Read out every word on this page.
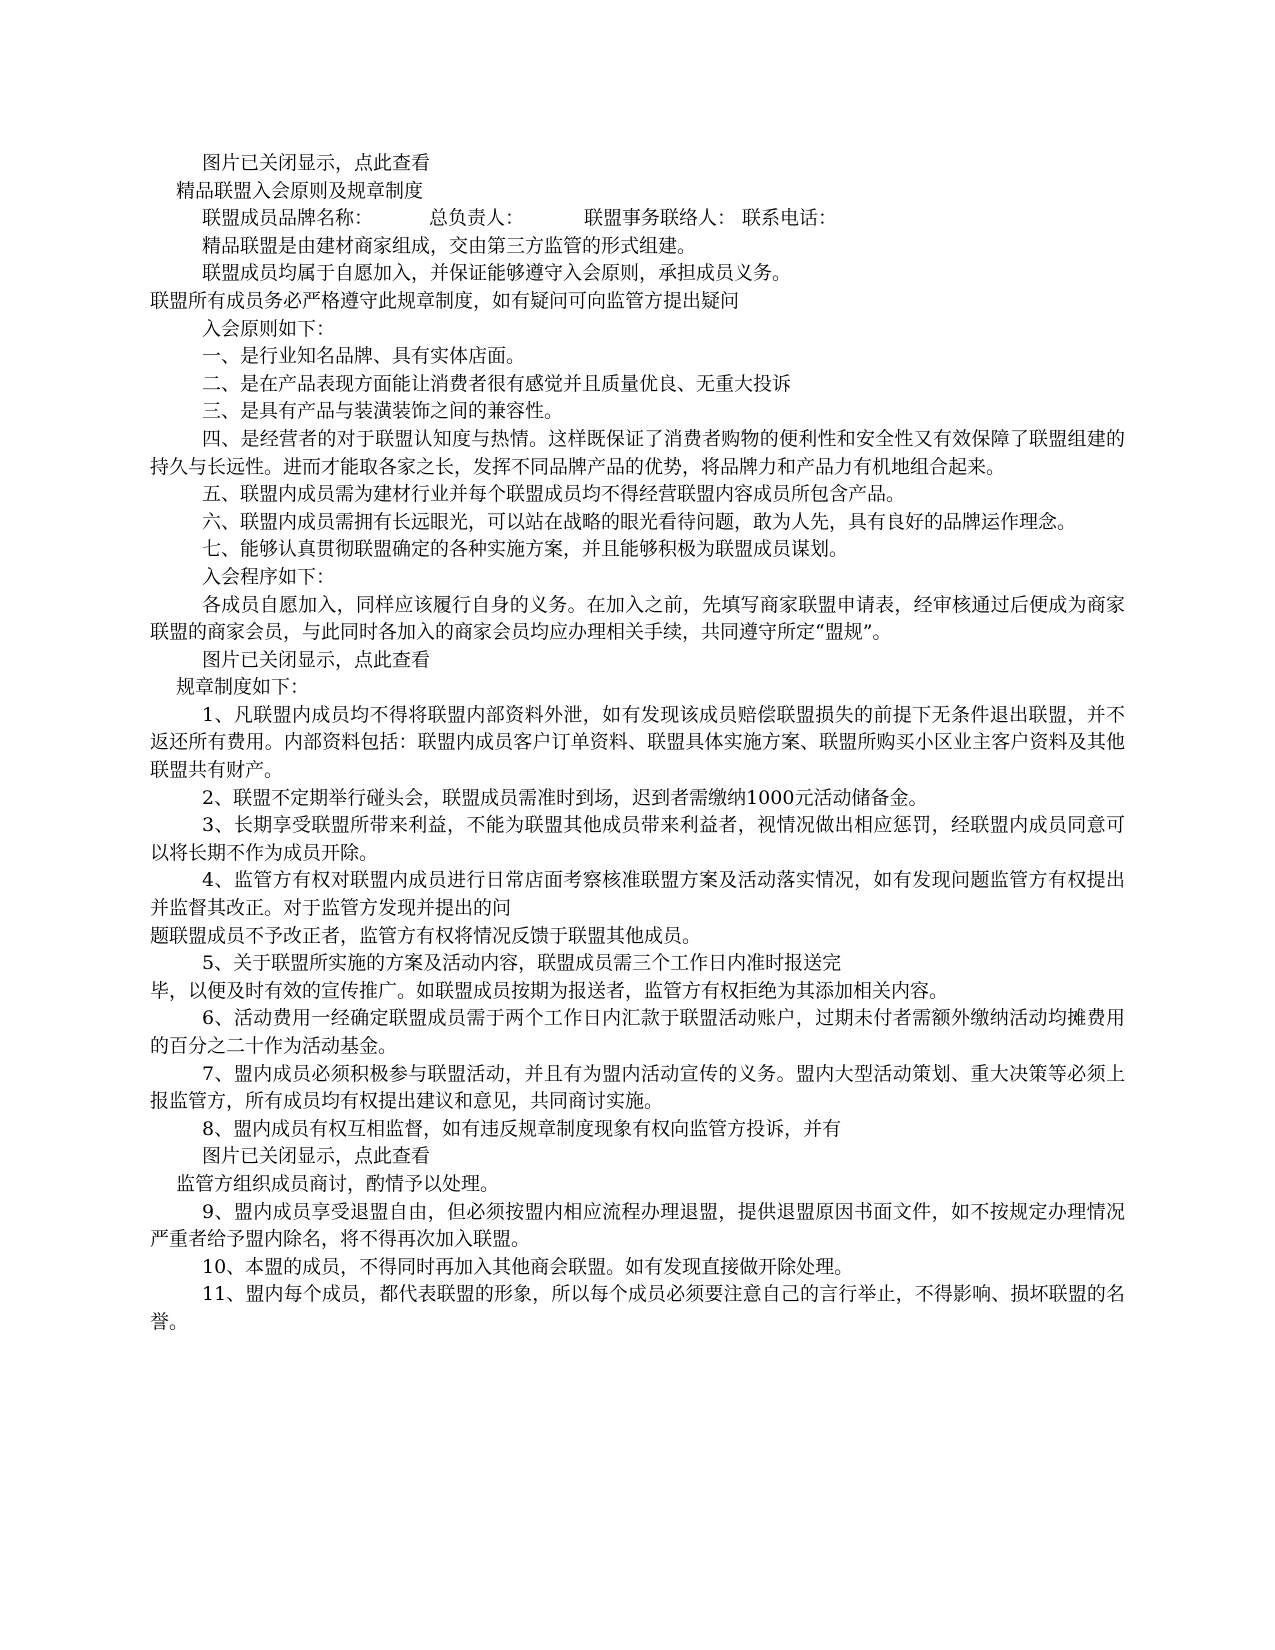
图片已关闭显示，点此查看
精品联盟入会原则及规章制度
联盟成员品牌名称：	总负责人：	联盟事务联络人： 联系电话：
精品联盟是由建材商家组成，交由第三方监管的形式组建。
联盟成员均属于自愿加入，并保证能够遵守入会原则，承担成员义务。
联盟所有成员务必严格遵守此规章制度，如有疑问可向监管方提出疑问
入会原则如下：
一、是行业知名品牌、具有实体店面。
二、是在产品表现方面能让消费者很有感觉并且质量优良、无重大投诉
三、是具有产品与装潢装饰之间的兼容性。

四、是经营者的对于联盟认知度与热情。这样既保证了消费者购物的便利性和安全性又有效保障了联盟组建的持久与长远性。进而才能取各家之长，发挥不同品牌产品的优势，将品牌力和产品力有机地组合起来。

五、联盟内成员需为建材行业并每个联盟成员均不得经营联盟内容成员所包含产品。

六、联盟内成员需拥有长远眼光，可以站在战略的眼光看待问题，敢为人先，具有良好的品牌运作理念。

七、能够认真贯彻联盟确定的各种实施方案，并且能够积极为联盟成员谋划。
入会程序如下：

各成员自愿加入，同样应该履行自身的义务。在加入之前，先填写商家联盟申请表，经审核通过后便成为商家联盟的商家会员，与此同时各加入的商家会员均应办理相关手续，共同遵守所定“盟规”。

图片已关闭显示，点此查看
规章制度如下：

1、凡联盟内成员均不得将联盟内部资料外泄，如有发现该成员赔偿联盟损失的前提下无条件退出联盟，并不返还所有费用。内部资料包括：联盟内成员客户订单资料、联盟具体实施方案、联盟所购买小区业主客户资料及其他联盟共有财产。

2、联盟不定期举行碰头会，联盟成员需准时到场，迟到者需缴纳1000元活动储备金。

3、长期享受联盟所带来利益，不能为联盟其他成员带来利益者，视情况做出相应惩罚，经联盟内成员同意可以将长期不作为成员开除。

4、监管方有权对联盟内成员进行日常店面考察核准联盟方案及活动落实情况，如有发现问题监管方有权提出并监督其改正。对于监管方发现并提出的问

题联盟成员不予改正者，监管方有权将情况反馈于联盟其他成员。
5、关于联盟所实施的方案及活动内容，联盟成员需三个工作日内准时报送完
毕，以便及时有效的宣传推广。如联盟成员按期为报送者，监管方有权拒绝为其添加相关内容。

6、活动费用一经确定联盟成员需于两个工作日内汇款于联盟活动账户，过期未付者需额外缴纳活动均摊费用的百分之二十作为活动基金。

7、盟内成员必须积极参与联盟活动，并且有为盟内活动宣传的义务。盟内大型活动策划、重大决策等必须上报监管方，所有成员均有权提出建议和意见，共同商讨实施。

8、盟内成员有权互相监督，如有违反规章制度现象有权向监管方投诉，并有
图片已关闭显示，点此查看
监管方组织成员商讨，酌情予以处理。

9、盟内成员享受退盟自由，但必须按盟内相应流程办理退盟，提供退盟原因书面文件，如不按规定办理情况严重者给予盟内除名，将不得再次加入联盟。

10、本盟的成员，不得同时再加入其他商会联盟。如有发现直接做开除处理。

11、盟内每个成员，都代表联盟的形象，所以每个成员必须要注意自己的言行举止，不得影响、损坏联盟的名誉。
